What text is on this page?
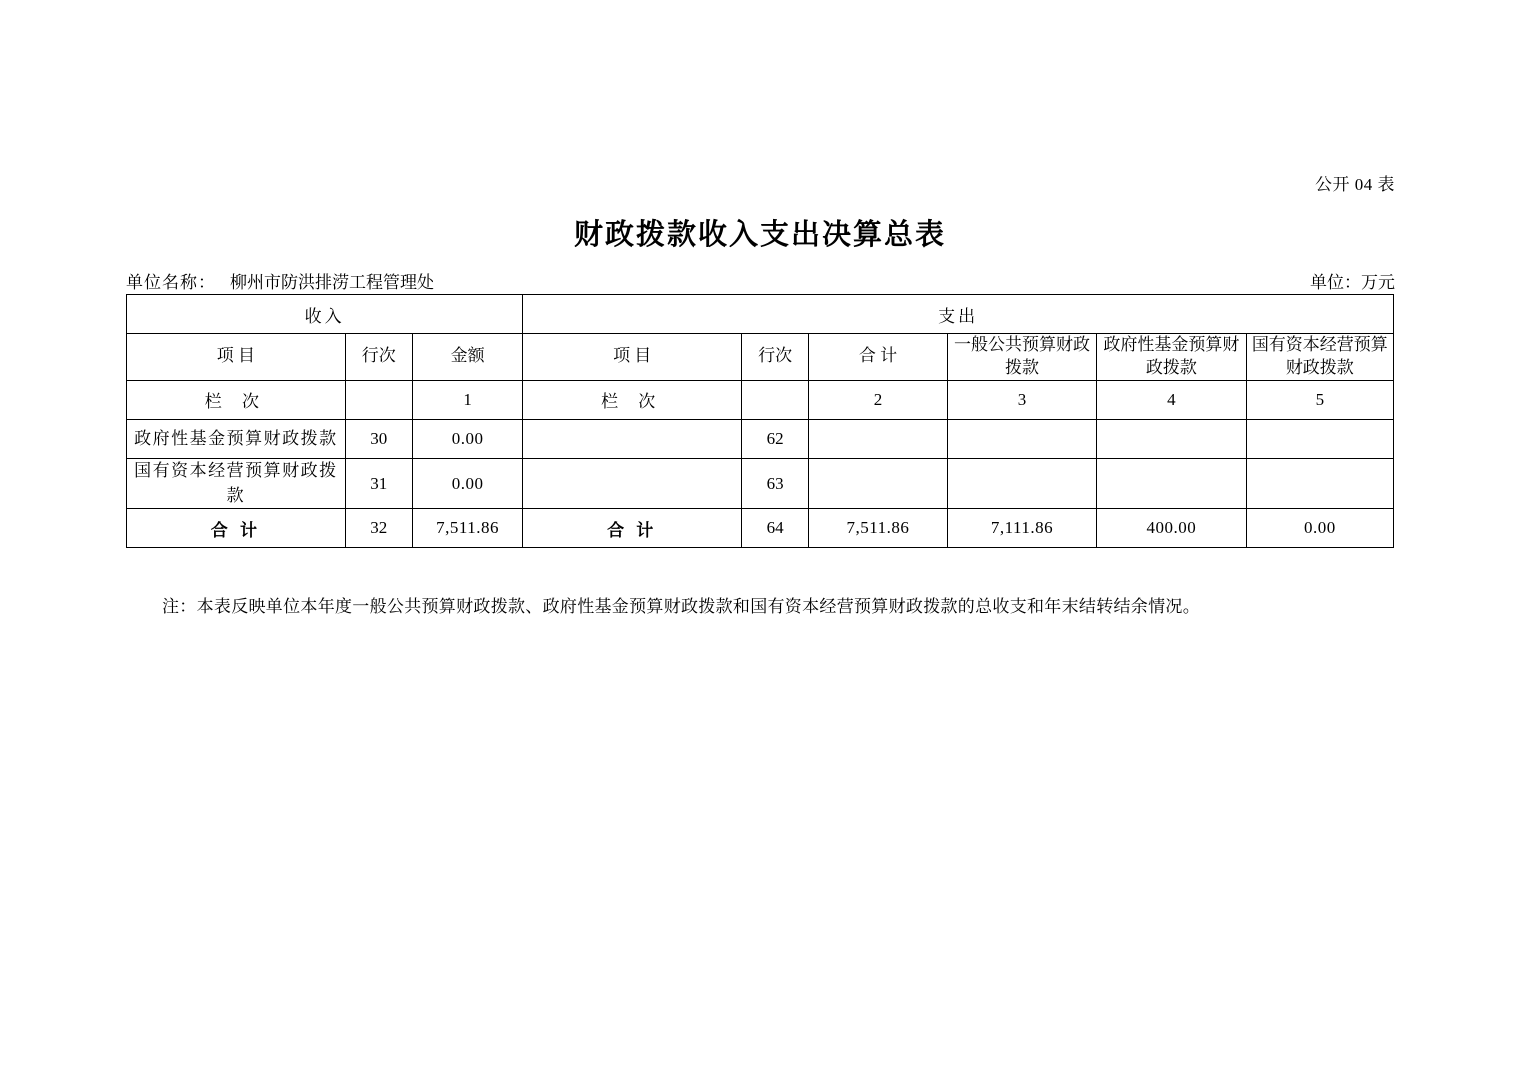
公开 04 表
财政拨款收入支出决算总表
单位名称： 柳州市防洪排涝工程管理处	单位：万元
收入			支出					
项 目	行次	金额	项 目	行次	合 计	一般公共预算财政拨款	政府性基金预算财政拨款	国有资本经营预算财政拨款
栏 次		1	栏 次		2	3	4	5
政府性基金预算财政拨款	30	0.00		62				
国有资本经营预算财政拨款	31	0.00		63				
合 计	32	7,511.86	合 计	64	7,511.86	7,111.86	400.00	0.00
注：本表反映单位本年度一般公共预算财政拨款、政府性基金预算财政拨款和国有资本经营预算财政拨款的总收支和年末结转结余情况。
